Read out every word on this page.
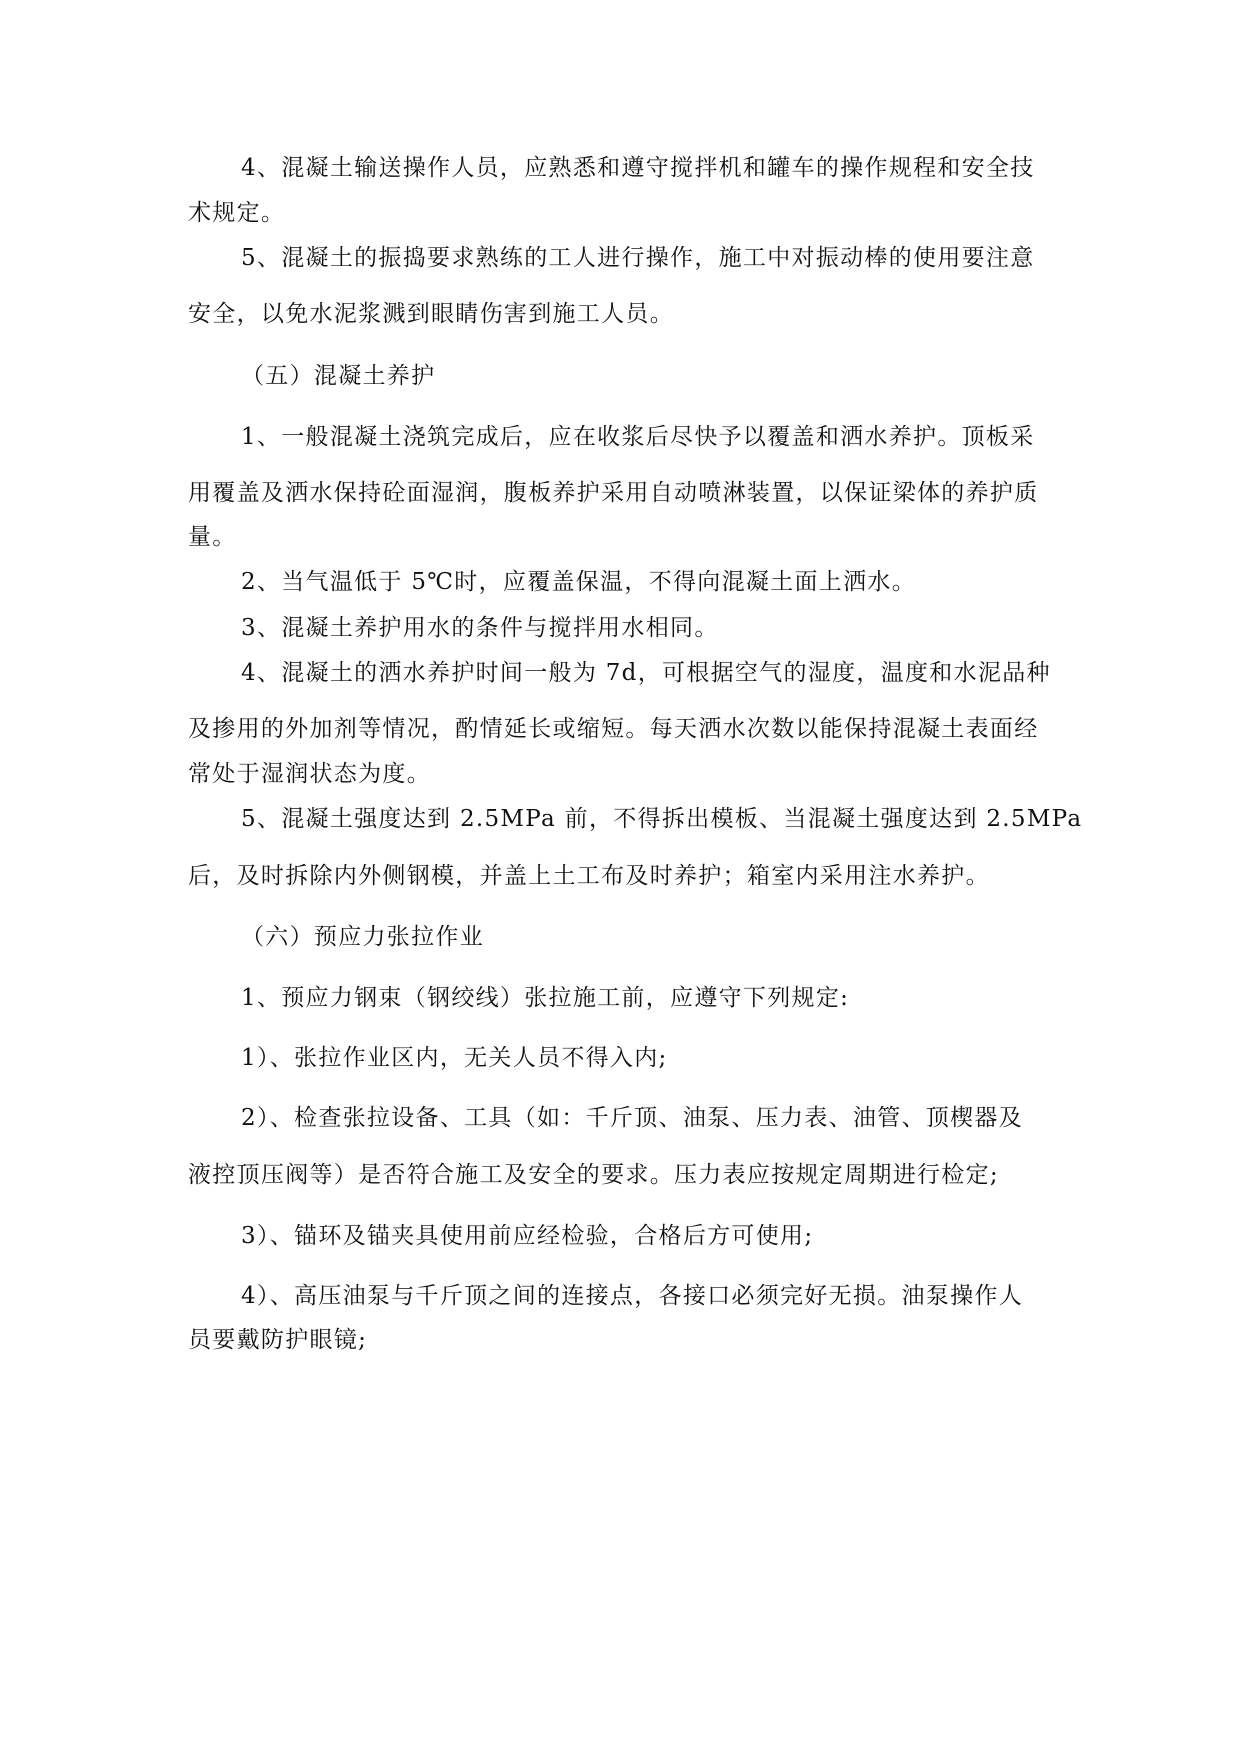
4、混凝土输送操作人员，应熟悉和遵守搅拌机和罐车的操作规程和安全技
术规定。
5、混凝土的振捣要求熟练的工人进行操作，施工中对振动棒的使用要注意
安全，以免水泥浆溅到眼睛伤害到施工人员。
（五）混凝土养护
1、一般混凝土浇筑完成后，应在收浆后尽快予以覆盖和洒水养护。顶板采
用覆盖及洒水保持砼面湿润，腹板养护采用自动喷淋装置，以保证梁体的养护质
量。
2、当气温低于 5℃时，应覆盖保温，不得向混凝土面上洒水。
3、混凝土养护用水的条件与搅拌用水相同。
4、混凝土的洒水养护时间一般为 7d，可根据空气的湿度，温度和水泥品种
及掺用的外加剂等情况，酌情延长或缩短。每天洒水次数以能保持混凝土表面经
常处于湿润状态为度。
5、混凝土强度达到 2.5MPa 前，不得拆出模板、当混凝土强度达到 2.5MPa
后，及时拆除内外侧钢模，并盖上土工布及时养护；箱室内采用注水养护。
（六）预应力张拉作业
1、预应力钢束（钢绞线）张拉施工前，应遵守下列规定:
1）、张拉作业区内，无关人员不得入内;
2）、检查张拉设备、工具（如：千斤顶、油泵、压力表、油管、顶楔器及
液控顶压阀等）是否符合施工及安全的要求。压力表应按规定周期进行检定;
3）、锚环及锚夹具使用前应经检验，合格后方可使用;
4）、高压油泵与千斤顶之间的连接点，各接口必须完好无损。油泵操作人
员要戴防护眼镜;
